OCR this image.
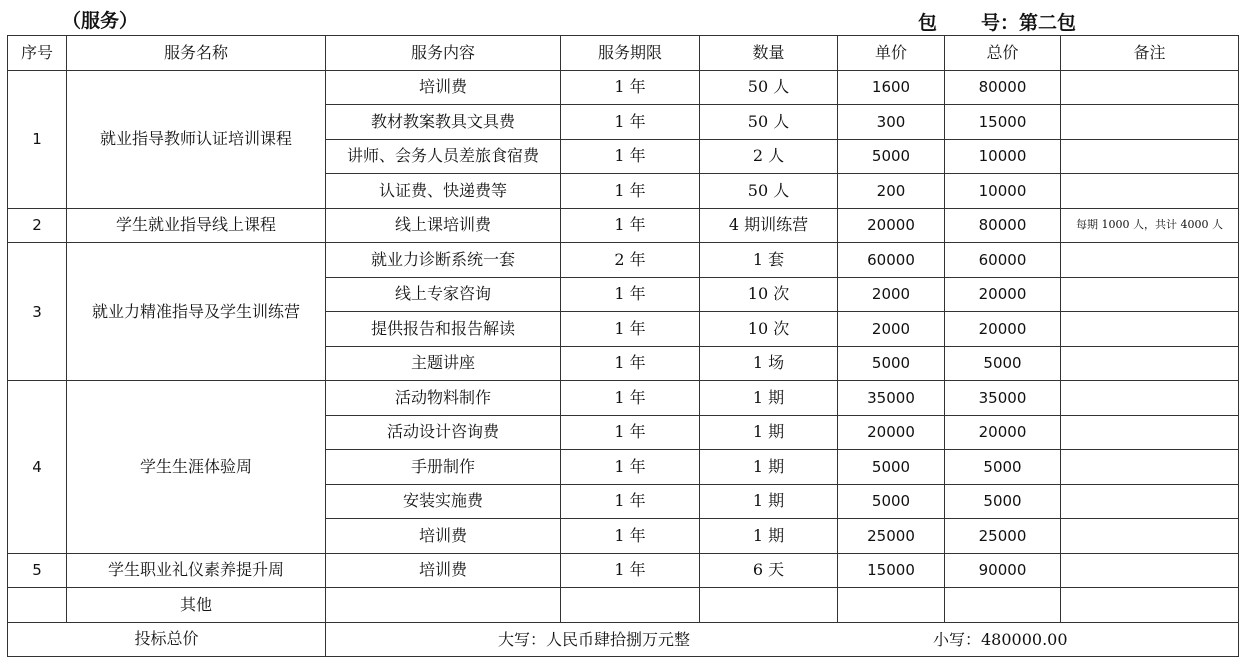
（服务）	包 号：第二包
序号	服务名称	服务内容	服务期限	数量	单价	总价	备注
1	就业指导教师认证培训课程	培训费	1 年	50 人	1600	80000	
		教材教案教具文具费	1 年	50 人	300	15000	
		讲师、会务人员差旅食宿费	1 年	2 人	5000	10000	
		认证费、快递费等	1 年	50 人	200	10000	
2	学生就业指导线上课程	线上课培训费	1 年	4 期训练营	20000	80000	每期 1000 人，共计 4000 人
3	就业力精准指导及学生训练营	就业力诊断系统一套	2 年	1 套	60000	60000	
		线上专家咨询	1 年	10 次	2000	20000	
		提供报告和报告解读	1 年	10 次	2000	20000	
		主题讲座	1 年	1 场	5000	5000	
4	学生生涯体验周	活动物料制作	1 年	1 期	35000	35000	
		活动设计咨询费	1 年	1 期	20000	20000	
		手册制作	1 年	1 期	5000	5000	
		安装实施费	1 年	1 期	5000	5000	
		培训费	1 年	1 期	25000	25000	
5	学生职业礼仪素养提升周	培训费	1 年	6 天	15000	90000	
	其他						
投标总价		大写：人民币肆拾捌万元整 小写：480000.00					
